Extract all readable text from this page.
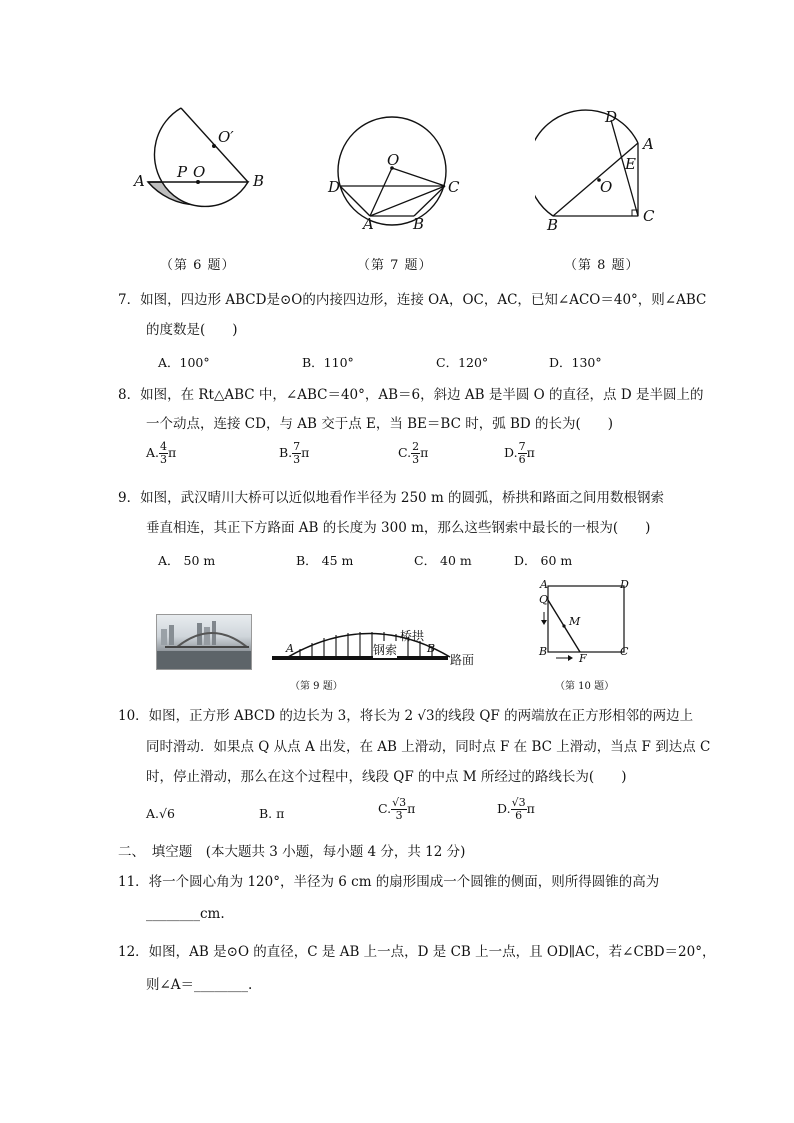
A P O
O′
B
（第 6 题）
O
D	C
A	B
（第 7 题）
D
A
E
O
B	C
（第 8 题）
7．如图，四边形 ABCD是⊙O的内接四边形，连接 OA，OC，AC，已知∠ACO＝40°，则∠ABC
的度数是(　　)
A．100°	B．110°	C．120°	D．130°
8．如图，在 Rt△ABC 中，∠ABC＝40°，AB＝6，斜边 AB 是半圆 O 的直径，点 D 是半圆上的
一个动点，连接 CD，与 AB 交于点 E，当 BE＝BC 时，弧 BD 的长为(　　)
A. $\frac{4}{3}$ π	B. $\frac{7}{3}$ π	C. $\frac{2}{3}$ π	D. $\frac{7}{6}$ π
9．如图，武汉晴川大桥可以近似地看作半径为 250 m 的圆弧，桥拱和路面之间用数根钢索
垂直相连，其正下方路面 AB 的长度为 300 m，那么这些钢索中最长的一根为(　　)
A． 50 m	B． 45 m	C． 40 m	D． 60 m
A	B
桥拱
钢索
路面
（第 9 题）
A	D
Q
M
B
F
C
（第 10 题）
10．如图，正方形 ABCD 的边长为 3，将长为 2 √3的线段 QF 的两端放在正方形相邻的两边上
同时滑动．如果点 Q 从点 A 出发，在 AB 上滑动，同时点 F 在 BC 上滑动，当点 F 到达点 C
时，停止滑动，那么在这个过程中，线段 QF 的中点 M 所经过的路线长为(　　)
A.√6	B. π	C. $\frac{√3}{3}$ π	D. $\frac{√3}{6}$ π
二、　填空题　(本大题共 3 小题，每小题 4 分，共 12 分)
11．将一个圆心角为 120°，半径为 6 cm 的扇形围成一个圆锥的侧面，则所得圆锥的高为
________cm.
12．如图，AB 是⊙O 的直径，C 是 AB 上一点，D 是 CB 上一点，且 OD∥AC，若∠CBD＝20°，
则∠A＝________.
